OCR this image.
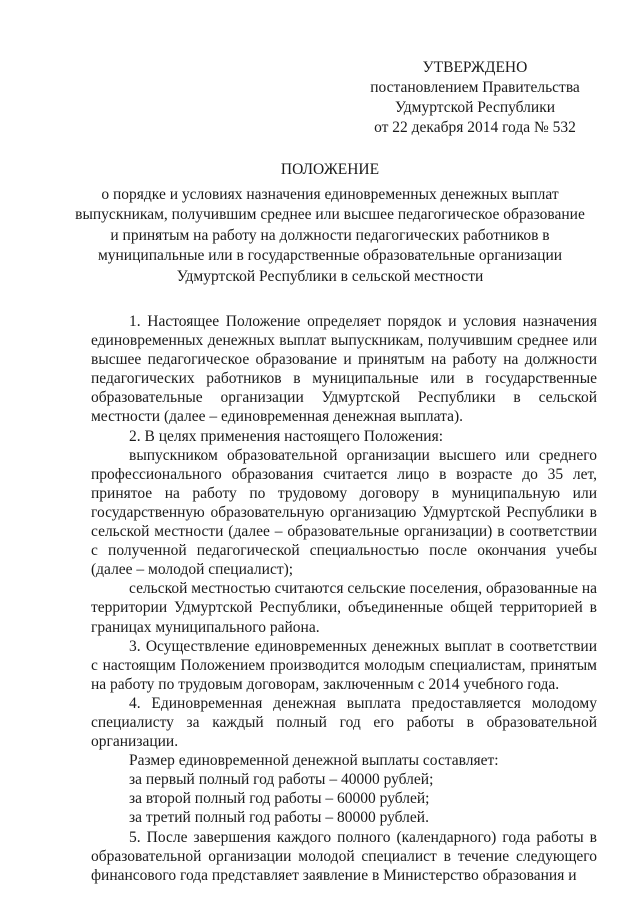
УТВЕРЖДЕНО
постановлением Правительства
Удмуртской Республики
от 22 декабря 2014 года № 532
ПОЛОЖЕНИЕ
о порядке и условиях назначения единовременных денежных выплат
выпускникам, получившим среднее или высшее педагогическое образование
и принятым на работу на должности педагогических работников в
муниципальные или в государственные образовательные организации
Удмуртской Республики в сельской местности

1. Настоящее Положение определяет порядок и условия назначения единовременных денежных выплат выпускникам, получившим среднее или высшее педагогическое образование и принятым на работу на должности педагогических работников в муниципальные или в государственные образовательные организации Удмуртской Республики в сельской местности (далее – единовременная денежная выплата).

2. В целях применения настоящего Положения:

выпускником образовательной организации высшего или среднего профессионального образования считается лицо в возрасте до 35 лет, принятое на работу по трудовому договору в муниципальную или государственную образовательную организацию Удмуртской Республики в сельской местности (далее – образовательные организации) в соответствии с полученной педагогической специальностью после окончания учебы (далее – молодой специалист);

сельской местностью считаются сельские поселения, образованные на территории Удмуртской Республики, объединенные общей территорией в границах муниципального района.

3. Осуществление единовременных денежных выплат в соответствии с настоящим Положением производится молодым специалистам, принятым на работу по трудовым договорам, заключенным с 2014 учебного года.

4. Единовременная денежная выплата предоставляется молодому специалисту за каждый полный год его работы в образовательной организации.

Размер единовременной денежной выплаты составляет:

за первый полный год работы – 40000 рублей;

за второй полный год работы – 60000 рублей;

за третий полный год работы – 80000 рублей.

5. После завершения каждого полного (календарного) года работы в образовательной организации молодой специалист в течение следующего финансового года представляет заявление в Министерство образования и
